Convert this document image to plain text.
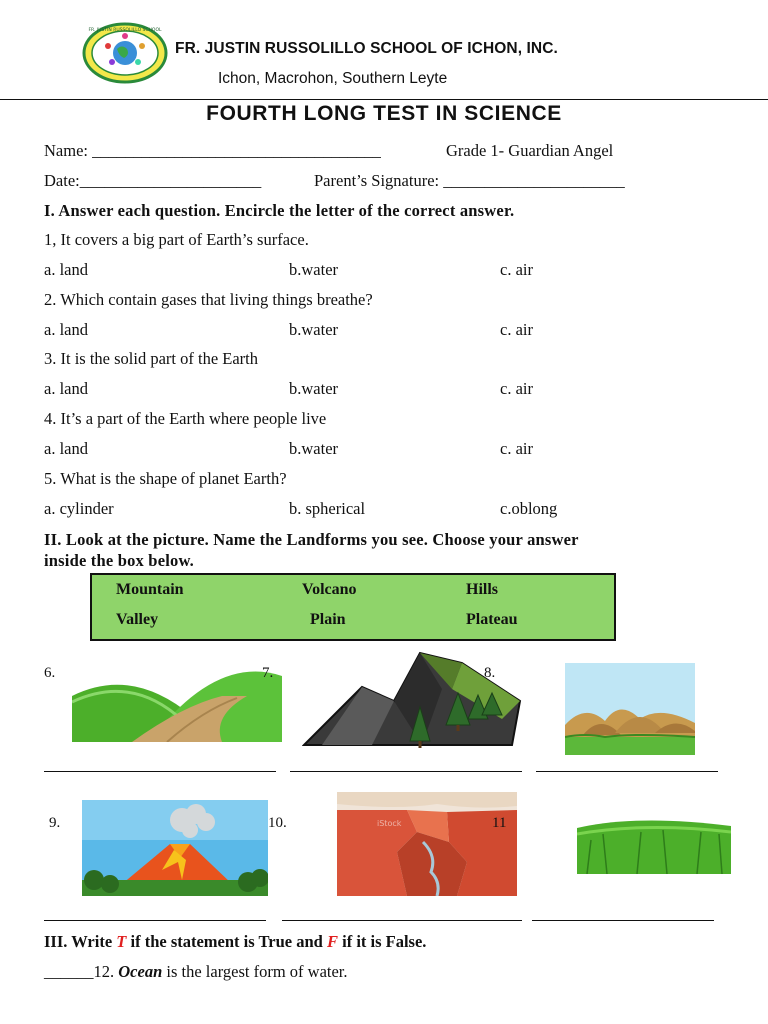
FR. JUSTIN RUSSOLILLO SCHOOL
FR. JUSTIN RUSSOLILLO SCHOOL OF ICHON, INC.
Ichon, Macrohon, Southern Leyte
FOURTH LONG TEST IN SCIENCE
Name: ___________________________________	Grade 1- Guardian Angel
Date:______________________	Parent’s Signature: ______________________
I. Answer each question. Encircle the letter of the correct answer.
1, It covers a big part of Earth’s surface.
a. land	b.water	c. air
2. Which contain gases that living things breathe?
a. land	b.water	c. air
3. It is the solid part of the Earth
a. land	b.water	c. air
4. It’s a part of the Earth where people live
a. land	b.water	c. air
5. What is the shape of planet Earth?
a. cylinder	b. spherical	c.oblong
II. Look at the picture. Name the Landforms you see. Choose your answer
inside the box below.
Mountain	Volcano	Hills
Valley	Plain	Plateau
6.	7.	8.
9.	10.	iStock	11
III. Write T if the statement is True and F if it is False.
______12. Ocean is the largest form of water.
